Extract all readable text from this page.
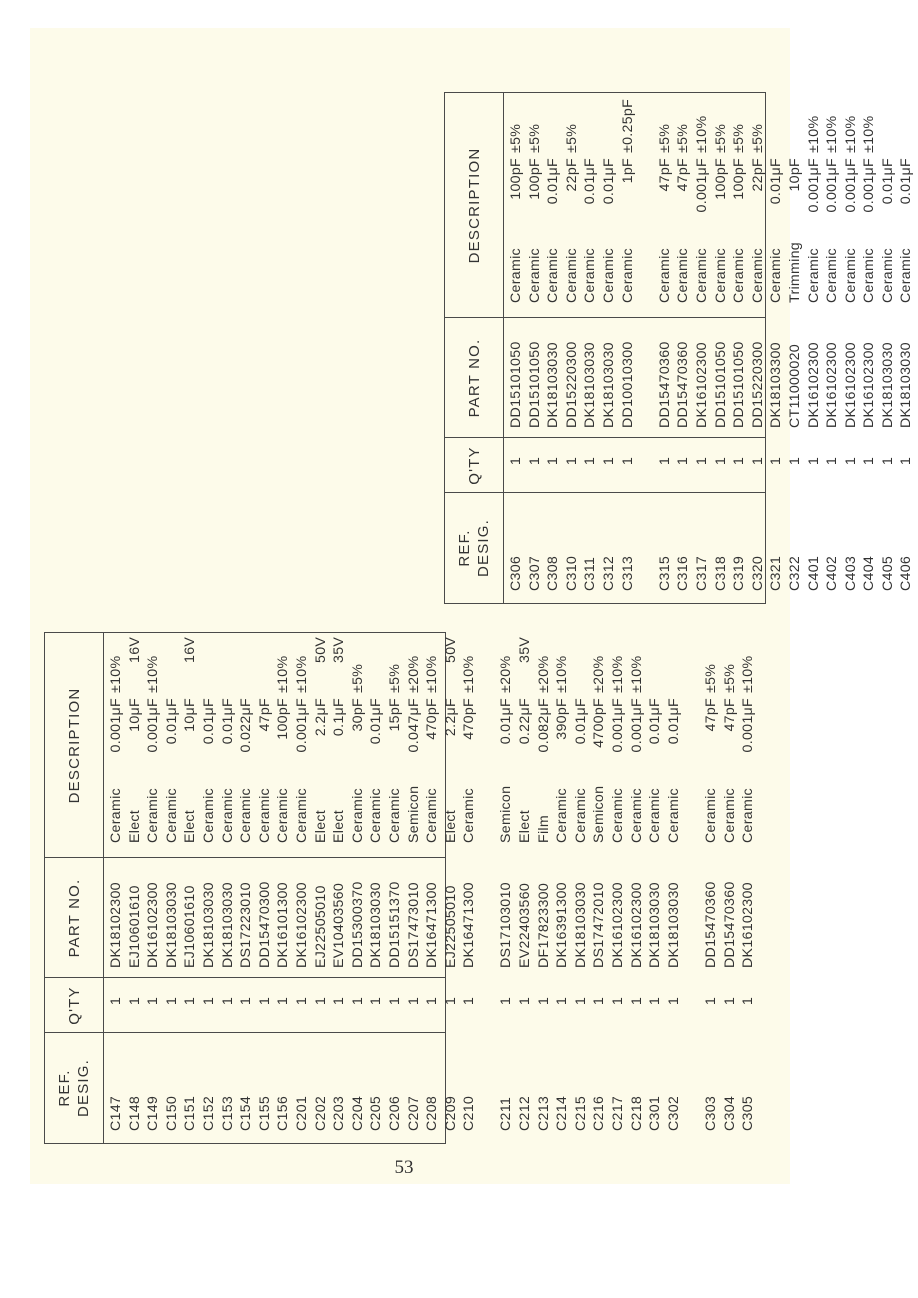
REF. DESIG.
Q'TY
PART NO.
DESCRIPTION
C147
1
DK18102300
Ceramic
0.001μF
±10%
C148
1
EJ10601610
Elect
10μF
16V
C149
1
DK16102300
Ceramic
0.001μF
±10%
C150
1
DK18103030
Ceramic
0.01μF
C151
1
EJ10601610
Elect
10μF
16V
C152
1
DK18103030
Ceramic
0.01μF
C153
1
DK18103030
Ceramic
0.01μF
C154
1
DS17223010
Ceramic
0.022μF
C155
1
DD15470300
Ceramic
47pF
C156
1
DK16101300
Ceramic
100pF
±10%
C201
1
DK16102300
Ceramic
0.001μF
±10%
C202
1
EJ22505010
Elect
2.2μF
50V
C203
1
EV10403560
Elect
0.1μF
35V
C204
1
DD15300370
Ceramic
30pF
±5%
C205
1
DK18103030
Ceramic
0.01μF
C206
1
DD15151370
Ceramic
15pF
±5%
C207
1
DS17473010
Semicon
0.047μF
±20%
C208
1
DK16471300
Ceramic
470pF
±10%
C209
1
EJ22505010
Elect
2.2μF
50V
C210
1
DK16471300
Ceramic
470pF
±10%
C211
1
DS17103010
Semicon
0.01μF
±20%
C212
1
EV22403560
Elect
0.22μF
35V
C213
1
DF17823300
Film
0.082μF
±20%
C214
1
DK16391300
Ceramic
390pF
±10%
C215
1
DK18103030
Ceramic
0.01μF
C216
1
DS17472010
Semicon
4700pF
±20%
C217
1
DK16102300
Ceramic
0.001μF
±10%
C218
1
DK16102300
Ceramic
0.001μF
±10%
C301
1
DK18103030
Ceramic
0.01μF
C302
1
DK18103030
Ceramic
0.01μF
C303
1
DD15470360
Ceramic
47pF
±5%
C304
1
DD15470360
Ceramic
47pF
±5%
C305
1
DK16102300
Ceramic
0.001μF
±10%
REF. DESIG.
Q'TY
PART NO.
DESCRIPTION
C306
1
DD15101050
Ceramic
100pF
±5%
C307
1
DD15101050
Ceramic
100pF
±5%
C308
1
DK18103030
Ceramic
0.01μF
C310
1
DD15220300
Ceramic
22pF
±5%
C311
1
DK18103030
Ceramic
0.01μF
C312
1
DK18103030
Ceramic
0.01μF
C313
1
DD10010300
Ceramic
1pF
±0.25pF
C315
1
DD15470360
Ceramic
47pF
±5%
C316
1
DD15470360
Ceramic
47pF
±5%
C317
1
DK16102300
Ceramic
0.001μF
±10%
C318
1
DD15101050
Ceramic
100pF
±5%
C319
1
DD15101050
Ceramic
100pF
±5%
C320
1
DD15220300
Ceramic
22pF
±5%
C321
1
DK18103300
Ceramic
0.01μF
C322
1
CT11000020
Trimming
10pF
C401
1
DK16102300
Ceramic
0.001μF
±10%
C402
1
DK16102300
Ceramic
0.001μF
±10%
C403
1
DK16102300
Ceramic
0.001μF
±10%
C404
1
DK16102300
Ceramic
0.001μF
±10%
C405
1
DK18103030
Ceramic
0.01μF
C406
1
DK18103030
Ceramic
0.01μF
53
